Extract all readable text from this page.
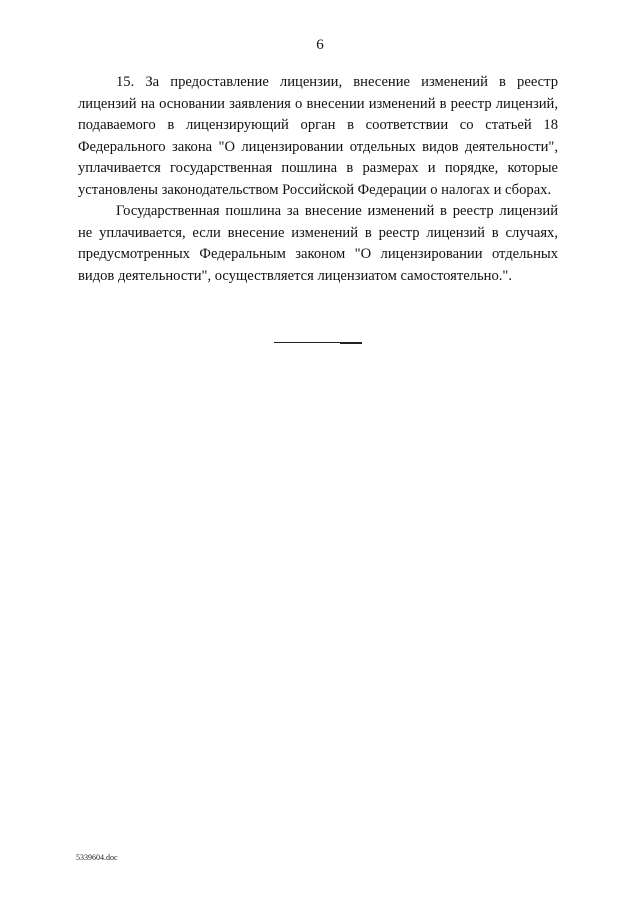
6

15. За предоставление лицензии, внесение изменений в реестр лицензий на основании заявления о внесении изменений в реестр лицензий, подаваемого в лицензирующий орган в соответствии со статьей 18 Федерального закона "О лицензировании отдельных видов деятельности", уплачивается государственная пошлина в размерах и порядке, которые установлены законодательством Российской Федерации о налогах и сборах.

Государственная пошлина за внесение изменений в реестр лицензий не уплачивается, если внесение изменений в реестр лицензий в случаях, предусмотренных Федеральным законом "О лицензировании отдельных видов деятельности", осуществляется лицензиатом самостоятельно.".

5339604.doc
